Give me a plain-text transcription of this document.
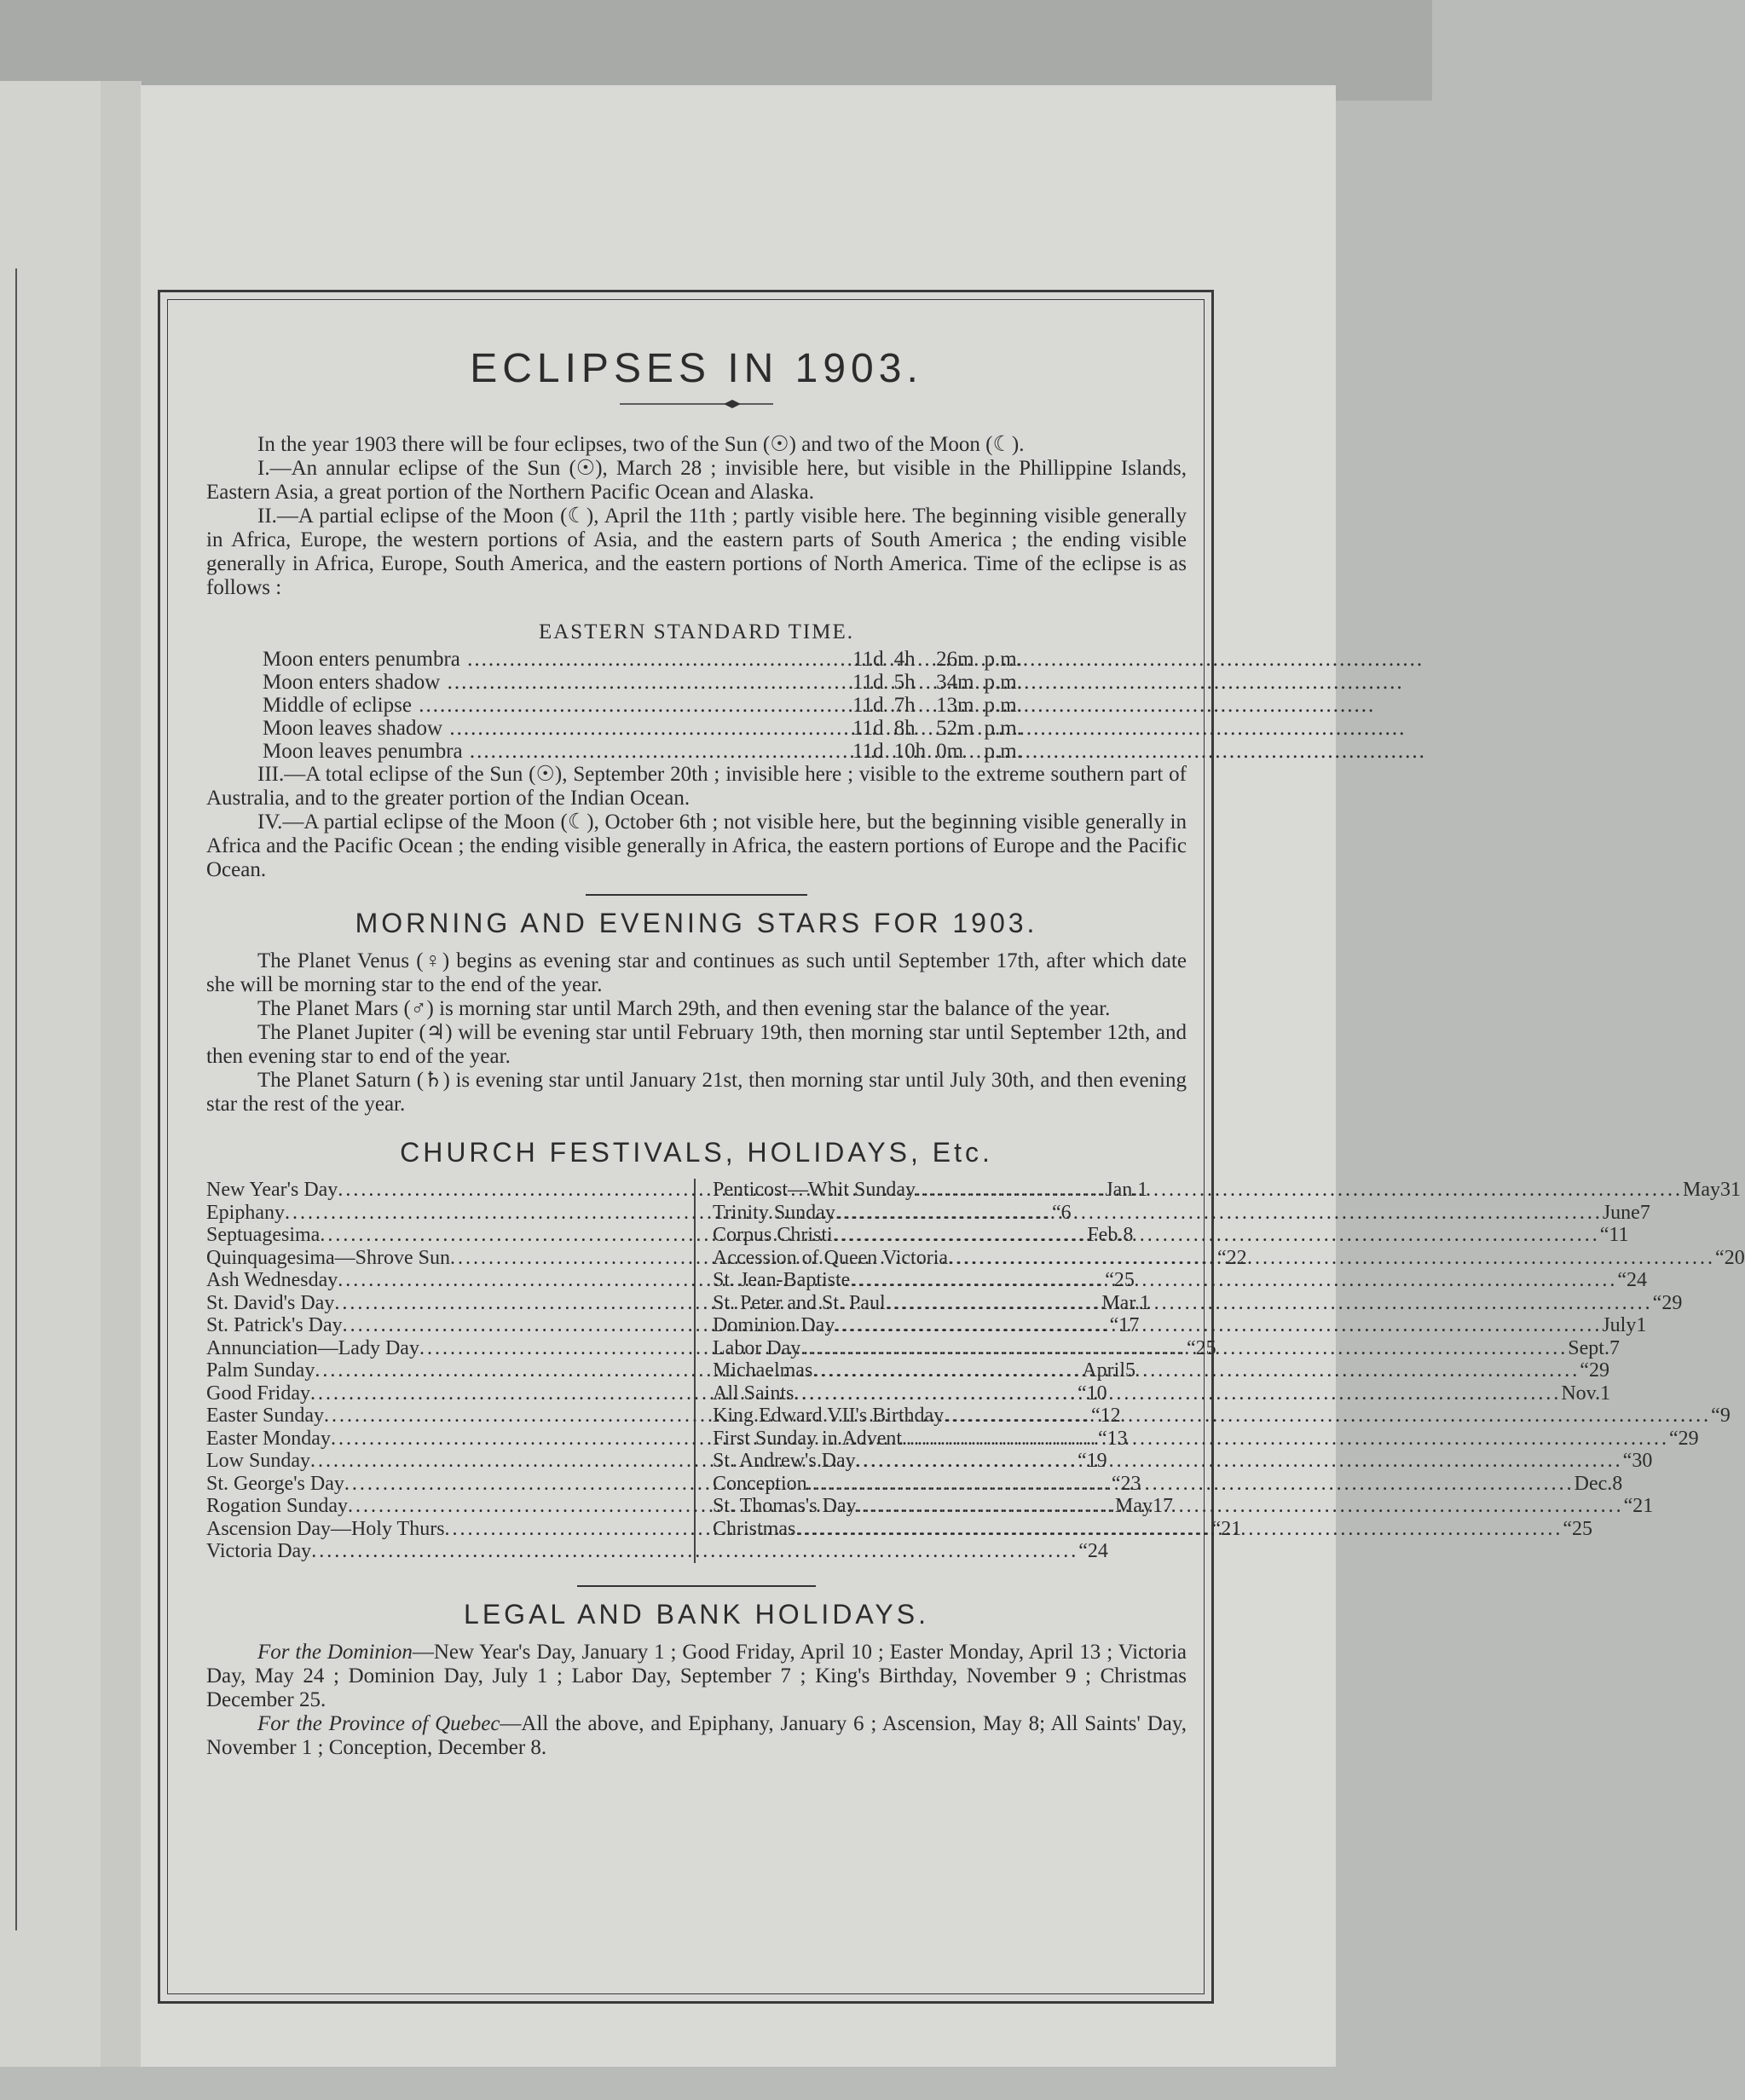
ECLIPSES IN 1903.

In the year 1903 there will be four eclipses, two of the Sun (☉) and two of the Moon (☾).

I.—An annular eclipse of the Sun (☉), March 28 ; invisible here, but visible in the Phillippine Islands, Eastern Asia, a great portion of the Northern Pacific Ocean and Alaska.

II.—A partial eclipse of the Moon (☾), April the 11th ; partly visible here. The beginning visible generally in Africa, Europe, the western portions of Asia, and the eastern parts of South America ; the ending visible generally in Africa, Europe, South America, and the eastern portions of North America. Time of the eclipse is as follows :

EASTERN STANDARD TIME.
Moon enters penumbra .....	11d	4h	26m	p.m.
Moon enters shadow .....	11d	5h	34m	p.m.
Middle of eclipse .....	11d	7h	13m	p.m.
Moon leaves shadow .....	11d	8h	52m	p.m.
Moon leaves penumbra .....	11d	10h	0m	p.m.

III.—A total eclipse of the Sun (☉), September 20th ; invisible here ; visible to the extreme southern part of Australia, and to the greater portion of the Indian Ocean.

IV.—A partial eclipse of the Moon (☾), October 6th ; not visible here, but the beginning visible generally in Africa and the Pacific Ocean ; the ending visible generally in Africa, the eastern portions of Europe and the Pacific Ocean.

MORNING AND EVENING STARS FOR 1903.

The Planet Venus (♀) begins as evening star and continues as such until September 17th, after which date she will be morning star to the end of the year.

The Planet Mars (♂) is morning star until March 29th, and then evening star the balance of the year.

The Planet Jupiter (♃) will be evening star until February 19th, then morning star until September 12th, and then evening star to end of the year.

The Planet Saturn (♄) is evening star until January 21st, then morning star until July 30th, and then evening star the rest of the year.

CHURCH FESTIVALS, HOLIDAYS, Etc.
New Year's Day .....	Jan. 1
Epiphany .....	“ 6
Septuagesima .....	Feb. 8
Quinquagesima—Shrove Sun .....	“ 22
Ash Wednesday .....	“ 25
St. David's Day .....	Mar. 1
St. Patrick's Day .....	“ 17
Annunciation—Lady Day .....	“ 25
Palm Sunday .....	April 5
Good Friday .....	“ 10
Easter Sunday .....	“ 12
Easter Monday .....	“ 13
Low Sunday .....	“ 19
St. George's Day .....	“ 23
Rogation Sunday .....	May 17
Ascension Day—Holy Thurs .....	“ 21
Victoria Day .....	“ 24
Penticost—Whit Sunday .....	May 31
Trinity Sunday .....	June 7
Corpus Christi .....	“ 11
Accession of Queen Victoria .....	“ 20
St. Jean-Baptiste .....	“ 24
St. Peter and St. Paul .....	“ 29
Dominion Day .....	July 1
Labor Day .....	Sept. 7
Michaelmas .....	“ 29
All Saints .....	Nov. 1
King Edward VII's Birthday .....	“ 9
First Sunday in Advent .....	“ 29
St. Andrew's Day .....	“ 30
Conception .....	Dec. 8
St. Thomas's Day .....	“ 21
Christmas .....	“ 25
LEGAL AND BANK HOLIDAYS.

For the Dominion—New Year's Day, January 1 ; Good Friday, April 10 ; Easter Monday, April 13 ; Victoria Day, May 24 ; Dominion Day, July 1 ; Labor Day, September 7 ; King's Birthday, November 9 ; Christmas December 25.

For the Province of Quebec—All the above, and Epiphany, January 6 ; Ascension, May 8; All Saints' Day, November 1 ; Conception, December 8.
